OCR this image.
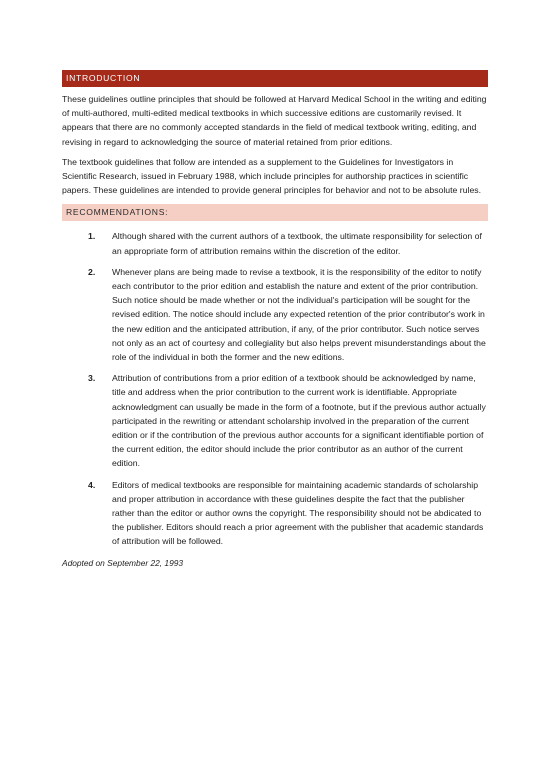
INTRODUCTION

These guidelines outline principles that should be followed at Harvard Medical School in the writing and editing of multi-authored, multi-edited medical textbooks in which successive editions are customarily revised. It appears that there are no commonly accepted standards in the field of medical textbook writing, editing, and revising in regard to acknowledging the source of material retained from prior editions.

The textbook guidelines that follow are intended as a supplement to the Guidelines for Investigators in Scientific Research, issued in February 1988, which include principles for authorship practices in scientific papers. These guidelines are intended to provide general principles for behavior and not to be absolute rules.

RECOMMENDATIONS:
1.	Although shared with the current authors of a textbook, the ultimate responsibility for selection of an appropriate form of attribution remains within the discretion of the editor.

2.	Whenever plans are being made to revise a textbook, it is the responsibility of the editor to notify each contributor to the prior edition and establish the nature and extent of the prior contribution. Such notice should be made whether or not the individual's participation will be sought for the revised edition. The notice should include any expected retention of the prior contributor's work in the new edition and the anticipated attribution, if any, of the prior contributor. Such notice serves not only as an act of courtesy and collegiality but also helps prevent misunderstandings about the role of the individual in both the former and the new editions.

3.	Attribution of contributions from a prior edition of a textbook should be acknowledged by name, title and address when the prior contribution to the current work is identifiable. Appropriate acknowledgment can usually be made in the form of a footnote, but if the previous author actually participated in the rewriting or attendant scholarship involved in the preparation of the current edition or if the contribution of the previous author accounts for a significant identifiable portion of the current edition, the editor should include the prior contributor as an author of the current edition.

4.	Editors of medical textbooks are responsible for maintaining academic standards of scholarship and proper attribution in accordance with these guidelines despite the fact that the publisher rather than the editor or author owns the copyright. The responsibility should not be abdicated to the publisher. Editors should reach a prior agreement with the publisher that academic standards of attribution will be followed.

Adopted on September 22, 1993
